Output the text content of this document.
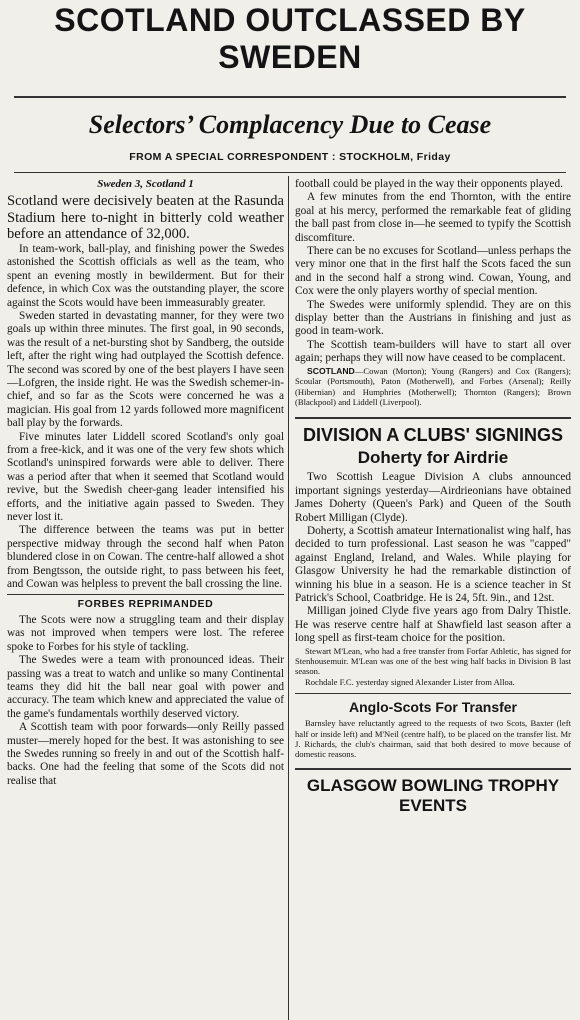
SCOTLAND OUTCLASSED BY
SWEDEN
Selectors’ Complacency Due to Cease
FROM A SPECIAL CORRESPONDENT : STOCKHOLM, Friday
Sweden 3, Scotland 1

Scotland were decisively beaten at the Rasunda Stadium here to-night in bitterly cold weather before an attendance of 32,000.

In team-work, ball-play, and finishing power the Swedes astonished the Scottish officials as well as the team, who spent an evening mostly in bewilderment. But for their defence, in which Cox was the outstanding player, the score against the Scots would have been immeasurably greater.

Sweden started in devastating manner, for they were two goals up within three minutes. The first goal, in 90 seconds, was the result of a net-bursting shot by Sandberg, the outside left, after the right wing had outplayed the Scottish defence. The second was scored by one of the best players I have seen—Lofgren, the inside right. He was the Swedish schemer-in-chief, and so far as the Scots were concerned he was a magician. His goal from 12 yards followed more magnificent ball play by the forwards.

Five minutes later Liddell scored Scotland's only goal from a free-kick, and it was one of the very few shots which Scotland's uninspired forwards were able to deliver. There was a period after that when it seemed that Scotland would revive, but the Swedish cheer-gang leader intensified his efforts, and the initiative again passed to Sweden. They never lost it.

The difference between the teams was put in better perspective midway through the second half when Paton blundered close in on Cowan. The centre-half allowed a shot from Bengtsson, the outside right, to pass between his feet, and Cowan was helpless to prevent the ball crossing the line.

FORBES REPRIMANDED

The Scots were now a struggling team and their display was not improved when tempers were lost. The referee spoke to Forbes for his style of tackling.

The Swedes were a team with pronounced ideas. Their passing was a treat to watch and unlike so many Continental teams they did hit the ball near goal with power and accuracy. The team which knew and appreciated the value of the game's fundamentals worthily deserved victory.

A Scottish team with poor forwards—only Reilly passed muster—merely hoped for the best. It was astonishing to see the Swedes running so freely in and out of the Scottish half-backs. One had the feeling that some of the Scots did not realise that

football could be played in the way their opponents played.

A few minutes from the end Thornton, with the entire goal at his mercy, performed the remarkable feat of gliding the ball past from close in—he seemed to typify the Scottish discomfiture.

There can be no excuses for Scotland—unless perhaps the very minor one that in the first half the Scots faced the sun and in the second half a strong wind. Cowan, Young, and Cox were the only players worthy of special mention.

The Swedes were uniformly splendid. They are on this display better than the Austrians in finishing and just as good in team-work.

The Scottish team-builders will have to start all over again; perhaps they will now have ceased to be complacent.

SCOTLAND—Cowan (Morton); Young (Rangers) and Cox (Rangers); Scoular (Portsmouth), Paton (Motherwell), and Forbes (Arsenal); Reilly (Hibernian) and Humphries (Motherwell); Thornton (Rangers); Brown (Blackpool) and Liddell (Liverpool).

DIVISION A CLUBS' SIGNINGS
Doherty for Airdrie

Two Scottish League Division A clubs announced important signings yesterday—Airdrieonians have obtained James Doherty (Queen's Park) and Queen of the South Robert Milligan (Clyde).

Doherty, a Scottish amateur Internationalist wing half, has decided to turn professional. Last season he was "capped" against England, Ireland, and Wales. While playing for Glasgow University he had the remarkable distinction of winning his blue in a season. He is a science teacher in St Patrick's School, Coatbridge. He is 24, 5ft. 9in., and 12st.

Milligan joined Clyde five years ago from Dalry Thistle. He was reserve centre half at Shawfield last season after a long spell as first-team choice for the position.

Stewart M'Lean, who had a free transfer from Forfar Athletic, has signed for Stenhousemuir. M'Lean was one of the best wing half backs in Division B last season.

Rochdale F.C. yesterday signed Alexander Lister from Alloa.

Anglo-Scots For Transfer

Barnsley have reluctantly agreed to the requests of two Scots, Baxter (left half or inside left) and M'Neil (centre half), to be placed on the transfer list. Mr J. Richards, the club's chairman, said that both desired to move because of domestic reasons.

GLASGOW BOWLING TROPHY EVENTS
